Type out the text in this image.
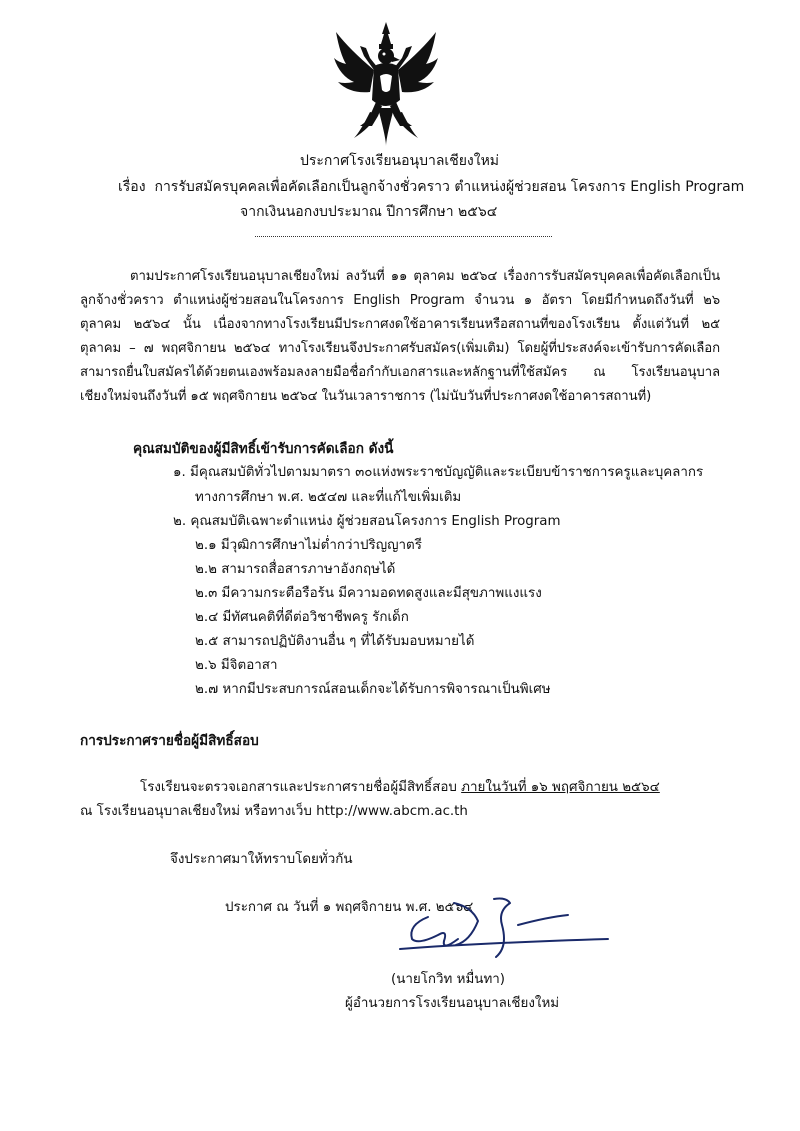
ประกาศโรงเรียนอนุบาลเชียงใหม่
เรื่อง การรับสมัครบุคคลเพื่อคัดเลือกเป็นลูกจ้างชั่วคราว ตำแหน่งผู้ช่วยสอน โครงการ English Program
จากเงินนอกงบประมาณ ปีการศึกษา ๒๕๖๔

ตามประกาศโรงเรียนอนุบาลเชียงใหม่ ลงวันที่ ๑๑ ตุลาคม ๒๕๖๔ เรื่องการรับสมัครบุคคลเพื่อคัดเลือกเป็นลูกจ้างชั่วคราว ตำแหน่งผู้ช่วยสอนในโครงการ English Program จำนวน ๑ อัตรา โดยมีกำหนดถึงวันที่ ๒๖ ตุลาคม ๒๕๖๔ นั้น เนื่องจากทางโรงเรียนมีประกาศงดใช้อาคารเรียนหรือสถานที่ของโรงเรียน ตั้งแต่วันที่ ๒๕ ตุลาคม – ๗ พฤศจิกายน ๒๕๖๔ ทางโรงเรียนจึงประกาศรับสมัคร(เพิ่มเติม) โดยผู้ที่ประสงค์จะเข้ารับการคัดเลือกสามารถยื่นใบสมัครได้ด้วยตนเองพร้อมลงลายมือชื่อกำกับเอกสารและหลักฐานที่ใช้สมัคร ณ โรงเรียนอนุบาลเชียงใหม่จนถึงวันที่ ๑๕ พฤศจิกายน ๒๕๖๔ ในวันเวลาราชการ (ไม่นับวันที่ประกาศงดใช้อาคารสถานที่)

คุณสมบัติของผู้มีสิทธิ์เข้ารับการคัดเลือก ดังนี้
๑. มีคุณสมบัติทั่วไปตามมาตรา ๓๐แห่งพระราชบัญญัติและระเบียบข้าราชการครูและบุคลากร
ทางการศึกษา พ.ศ. ๒๕๔๗ และที่แก้ไขเพิ่มเติม
๒. คุณสมบัติเฉพาะตำแหน่ง ผู้ช่วยสอนโครงการ English Program
๒.๑ มีวุฒิการศึกษาไม่ต่ำกว่าปริญญาตรี
๒.๒ สามารถสื่อสารภาษาอังกฤษได้
๒.๓ มีความกระตือรือร้น มีความอดทดสูงและมีสุขภาพแงแรง
๒.๔ มีทัศนคติที่ดีต่อวิชาชีพครู รักเด็ก
๒.๕ สามารถปฏิบัติงานอื่น ๆ ที่ได้รับมอบหมายได้
๒.๖ มีจิตอาสา
๒.๗ หากมีประสบการณ์สอนเด็กจะได้รับการพิจารณาเป็นพิเศษ
การประกาศรายชื่อผู้มีสิทธิ์สอบ
โรงเรียนจะตรวจเอกสารและประกาศรายชื่อผู้มีสิทธิ์สอบ ภายในวันที่ ๑๖ พฤศจิกายน ๒๕๖๔
ณ โรงเรียนอนุบาลเชียงใหม่ หรือทางเว็บ http://www.abcm.ac.th
จึงประกาศมาให้ทราบโดยทั่วกัน
ประกาศ ณ วันที่ ๑ พฤศจิกายน พ.ศ. ๒๕๖๔
(นายโกวิท หมื่นทา)
ผู้อำนวยการโรงเรียนอนุบาลเชียงใหม่
